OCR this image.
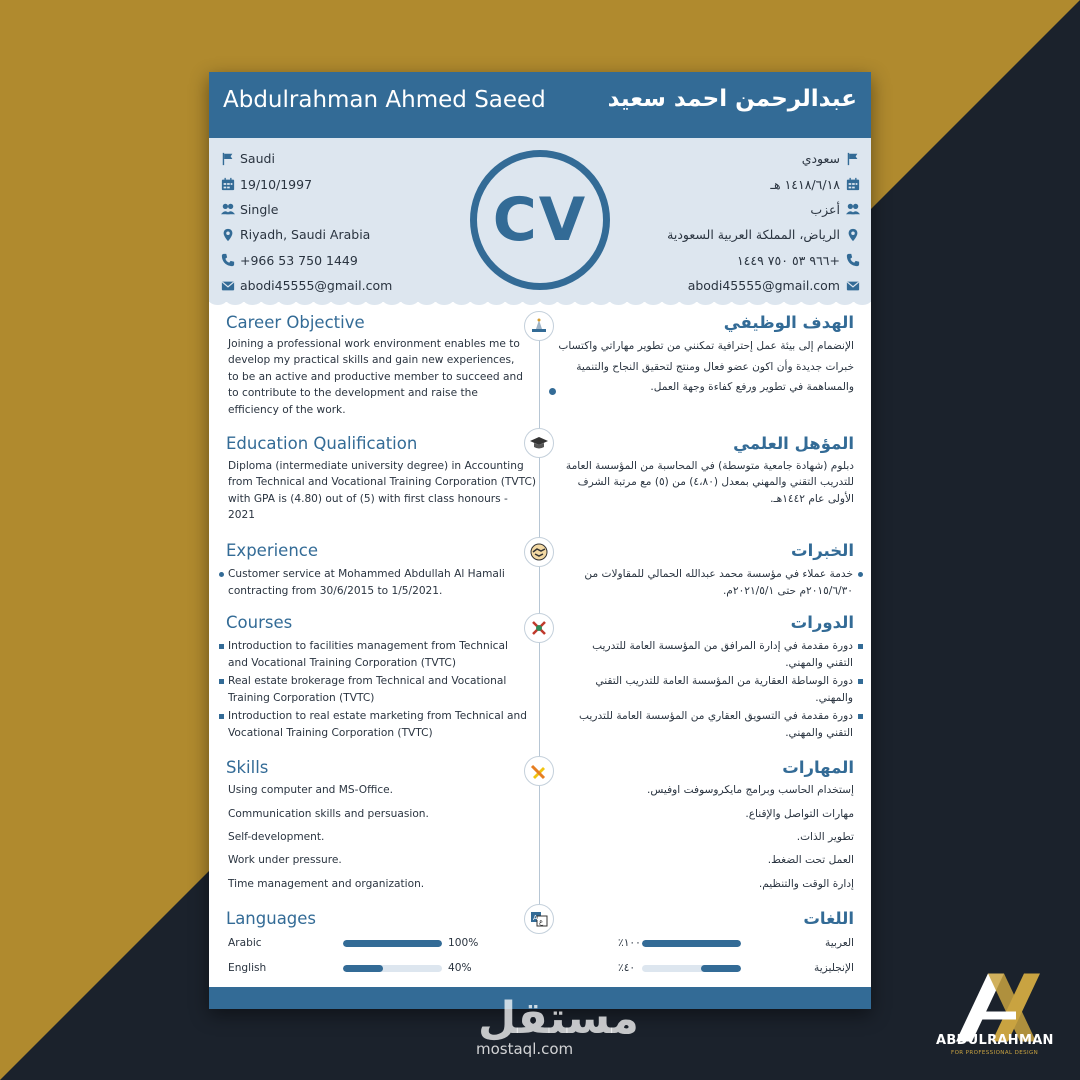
Abdulrahman Ahmed Saeed	عبدالرحمن احمد سعيد
Saudi
19/10/1997
Single
Riyadh, Saudi Arabia
+966 53 750 1449
abodi45555@gmail.com
سعودي
١٤١٨/٦/١٨ هـ
أعزب
الرياض، المملكة العربية السعودية
+٩٦٦ ٥٣ ٧٥٠ ١٤٤٩
abodi45555@gmail.com
CV
A ع
Career Objective	الهدف الوظيفي
Joining a professional work environment enables me to develop my practical skills and gain new experiences, to be an active and productive member to succeed and to contribute to the development and raise the efficiency of the work.
الإنضمام إلى بيئة عمل إحترافية تمكنني من تطوير مهاراتي واكتساب خبرات جديدة وأن اكون عضو فعال ومنتج لتحقيق النجاح والتنمية والمساهمة في تطوير ورفع كفاءة وجهة العمل.
Education Qualification	المؤهل العلمي
Diploma (intermediate university degree) in Accounting from Technical and Vocational Training Corporation (TVTC) with GPA is (4.80) out of (5) with first class honours - 2021
دبلوم (شهادة جامعية متوسطة) في المحاسبة من المؤسسة العامة للتدريب التقني والمهني بمعدل (٤،٨٠) من (٥) مع مرتبة الشرف الأولى عام ١٤٤٢هـ.
Experience	الخبرات
Customer service at Mohammed Abdullah Al Hamali contracting from 30/6/2015 to 1/5/2021.
خدمة عملاء في مؤسسة محمد عبدالله الحمالي للمقاولات من ٢٠١٥/٦/٣٠م حتى ٢٠٢١/٥/١م.
Courses	الدورات
Introduction to facilities management from Technical and Vocational Training Corporation (TVTC)
Real estate brokerage from Technical and Vocational Training Corporation (TVTC)
Introduction to real estate marketing from Technical and Vocational Training Corporation (TVTC)
دورة مقدمة في إدارة المرافق من المؤسسة العامة للتدريب التقني والمهني.
دورة الوساطة العقارية من المؤسسة العامة للتدريب التقني والمهني.
دورة مقدمة في التسويق العقاري من المؤسسة العامة للتدريب التقني والمهني.
Skills	المهارات
Using computer and MS-Office.
Communication skills and persuasion.
Self-development.
Work under pressure.
Time management and organization.
إستخدام الحاسب وبرامج مايكروسوفت اوفيس.
مهارات التواصل والإقناع.
تطوير الذات.
العمل تحت الضغط.
إدارة الوقت والتنظيم.
Languages	اللغات
Arabic	100%
English	40%
١٠٠٪	العربية
٤٠٪	الإنجليزية
مستقل
mostaql.com	ABDULRAHMAN
FOR PROFESSIONAL DESIGN
